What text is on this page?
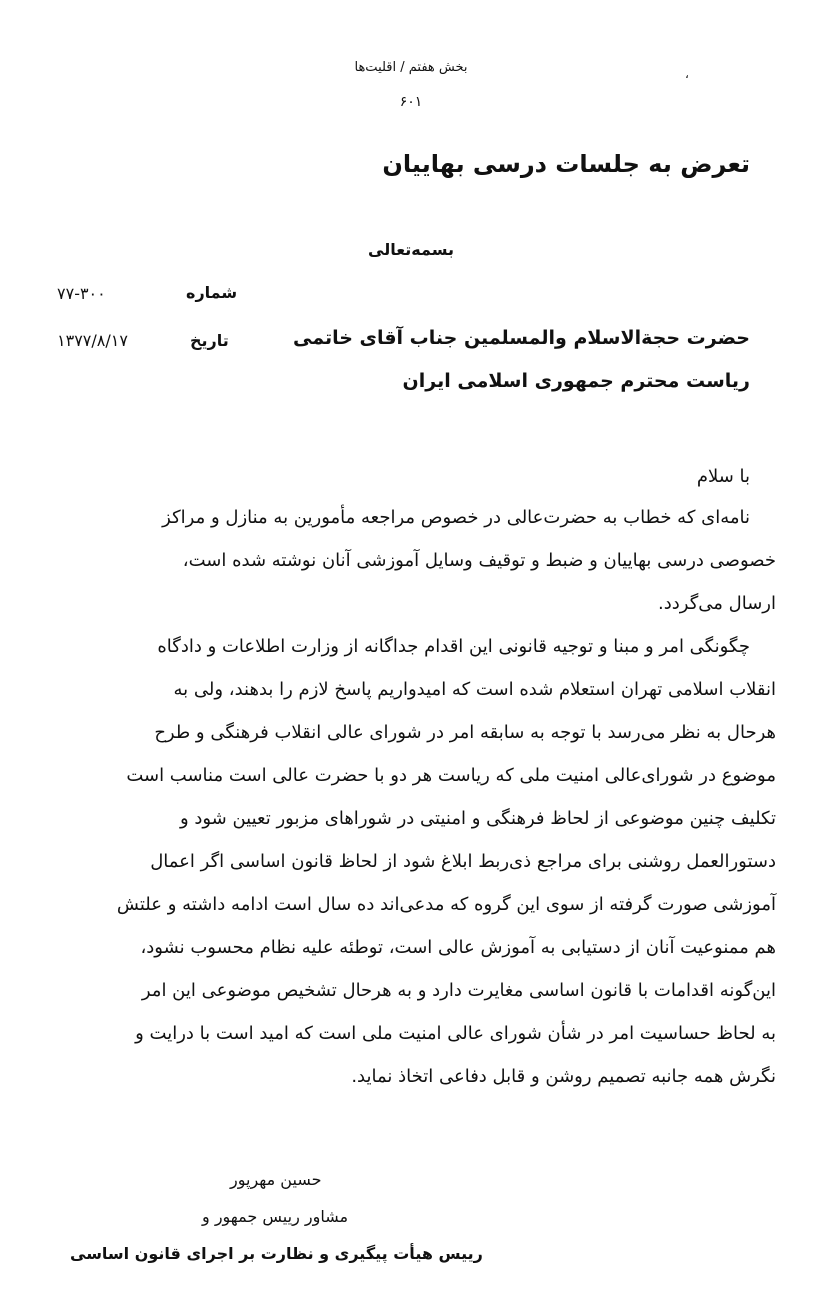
بخش هفتم / اقلیت‌ها	،
۶۰۱
تعرض به جلسات درسی بهاییان
بسمه‌تعالی
شماره
۷۷-۳۰۰
تاریخ
۱۳۷۷/۸/۱۷	حضرت حجة‌الاسلام والمسلمین جناب آقای خاتمی
ریاست محترم جمهوری اسلامی ایران
با سلام
نامه‌ای که خطاب به حضرت‌عالی در خصوص مراجعه مأمورین به منازل و مراکز
خصوصی درسی بهاییان و ضبط و توقیف وسایل آموزشی آنان نوشته شده است،
ارسال می‌گردد.
چگونگی امر و مبنا و توجیه قانونی این اقدام جداگانه از وزارت اطلاعات و دادگاه
انقلاب اسلامی تهران استعلام شده است که امیدواریم پاسخ لازم را بدهند، ولی به
هرحال به نظر می‌رسد با توجه به سابقه امر در شورای عالی انقلاب فرهنگی و طرح
موضوع در شورای‌عالی امنیت ملی که ریاست هر دو با حضرت عالی است مناسب است
تکلیف چنین موضوعی از لحاظ فرهنگی و امنیتی در شوراهای مزبور تعیین شود و
دستورالعمل روشنی برای مراجع ذی‌ربط ابلاغ شود از لحاظ قانون اساسی اگر اعمال
آموزشی صورت گرفته از سوی این گروه که مدعی‌اند ده سال است ادامه داشته و علتش
هم ممنوعیت آنان از دستیابی به آموزش عالی است، توطئه علیه نظام محسوب نشود،
این‌گونه اقدامات با قانون اساسی مغایرت دارد و به هرحال تشخیص موضوعی این امر
به لحاظ حساسیت امر در شأن شورای عالی امنیت ملی است که امید است با درایت و
نگرش همه جانبه تصمیم روشن و قابل دفاعی اتخاذ نماید.
حسین مهرپور
مشاور رییس جمهور و
رییس هیأت پیگیری و نظارت بر اجرای قانون اساسی
